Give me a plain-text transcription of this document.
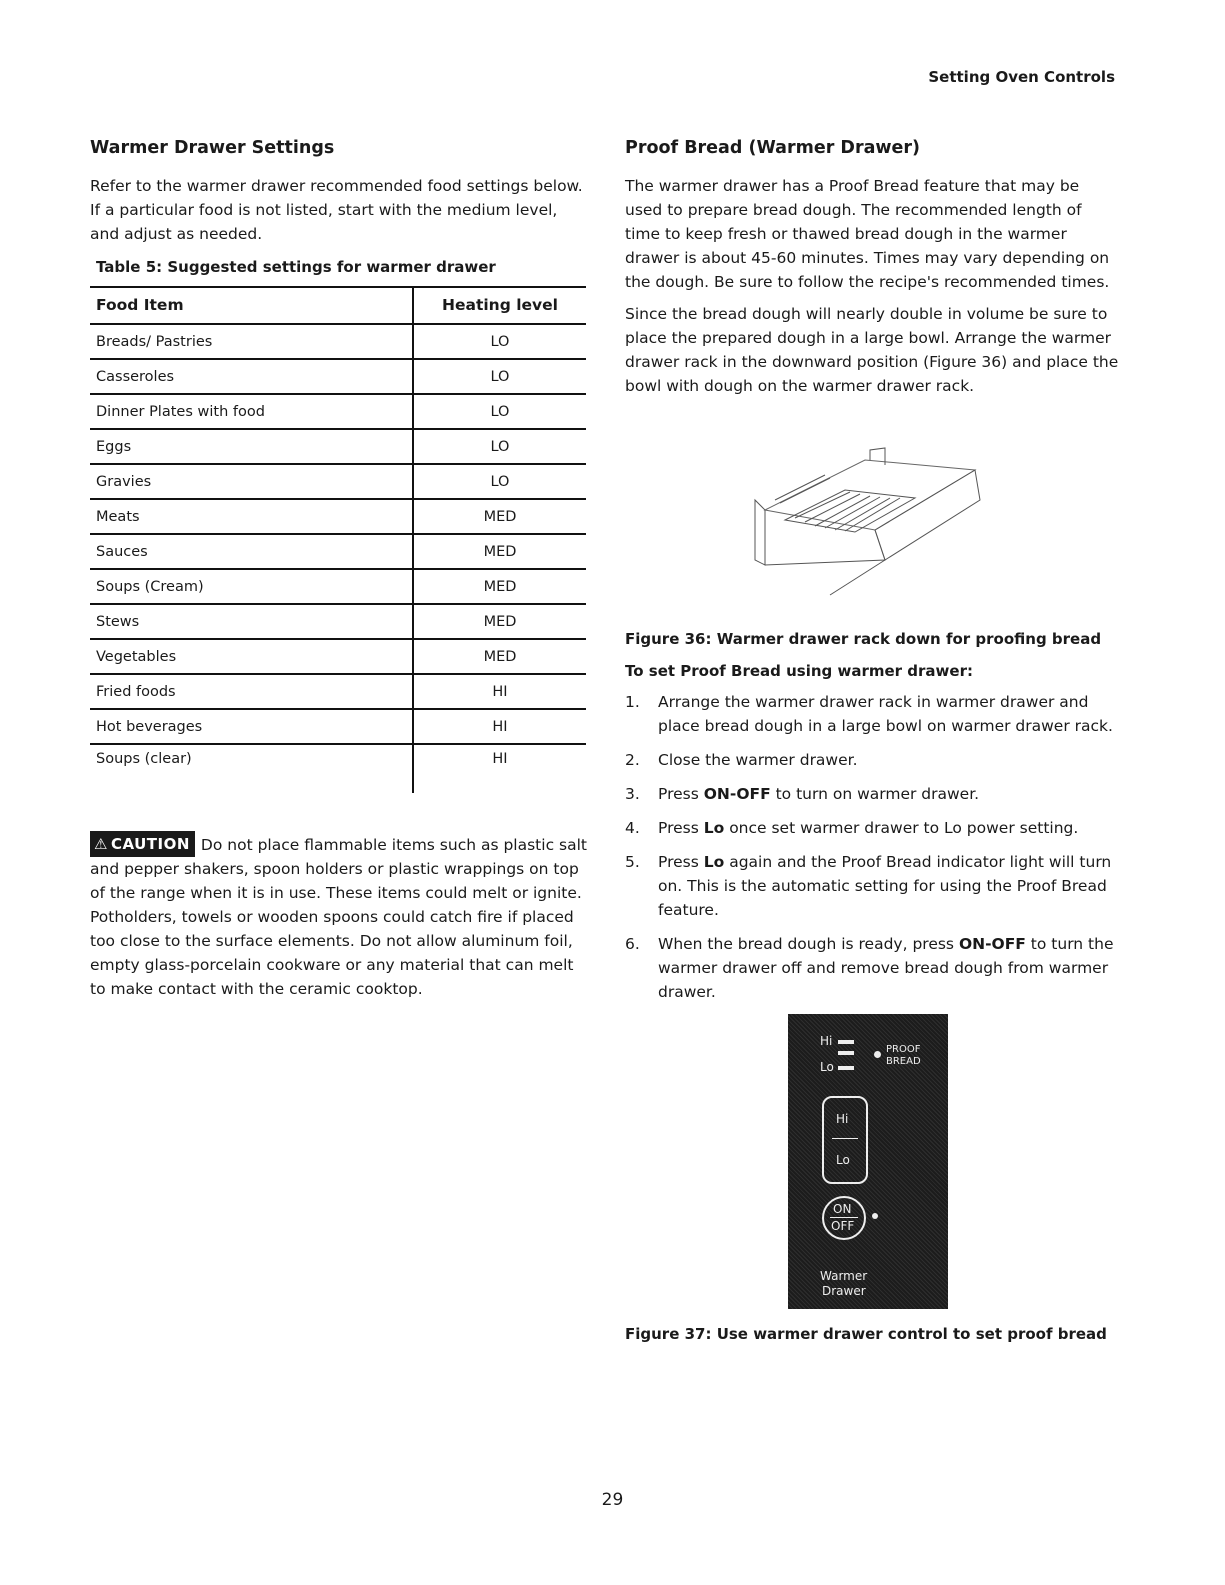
Setting Oven Controls
Warmer Drawer Settings

Refer to the warmer drawer recommended food settings below. If a particular food is not listed, start with the medium level, and adjust as needed.

Table 5: Suggested settings for warmer drawer
Food Item	Heating level
Breads/ Pastries	LO
Casseroles	LO
Dinner Plates with food	LO
Eggs	LO
Gravies	LO
Meats	MED
Sauces	MED
Soups (Cream)	MED
Stews	MED
Vegetables	MED
Fried foods	HI
Hot beverages	HI
Soups (clear)	HI
⚠ CAUTION Do not place flammable items such as plastic salt and pepper shakers, spoon holders or plastic wrappings on top of the range when it is in use. These items could melt or ignite. Potholders, towels or wooden spoons could catch fire if placed too close to the surface elements. Do not allow aluminum foil, empty glass-porcelain cookware or any material that can melt to make contact with the ceramic cooktop.
Proof Bread (Warmer Drawer)

The warmer drawer has a Proof Bread feature that may be used to prepare bread dough. The recommended length of time to keep fresh or thawed bread dough in the warmer drawer is about 45-60 minutes. Times may vary depending on the dough. Be sure to follow the recipe's recommended times.

Since the bread dough will nearly double in volume be sure to place the prepared dough in a large bowl. Arrange the warmer drawer rack in the downward position (Figure 36) and place the bowl with dough on the warmer drawer rack.

Figure 36: Warmer drawer rack down for proofing bread
To set Proof Bread using warmer drawer:
1.	Arrange the warmer drawer rack in warmer drawer and place bread dough in a large bowl on warmer drawer rack.
2.	Close the warmer drawer.
3.	Press ON-OFF to turn on warmer drawer.
4.	Press Lo once set warmer drawer to Lo power setting.
5.	Press Lo again and the Proof Bread indicator light will turn on. This is the automatic setting for using the Proof Bread feature.
6.	When the bread dough is ready, press ON-OFF to turn the warmer drawer off and remove bread dough from warmer drawer.
Hi
Lo
PROOF
BREAD
Hi
Lo
ON
OFF
Warmer
Drawer
Figure 37: Use warmer drawer control to set proof bread
29
